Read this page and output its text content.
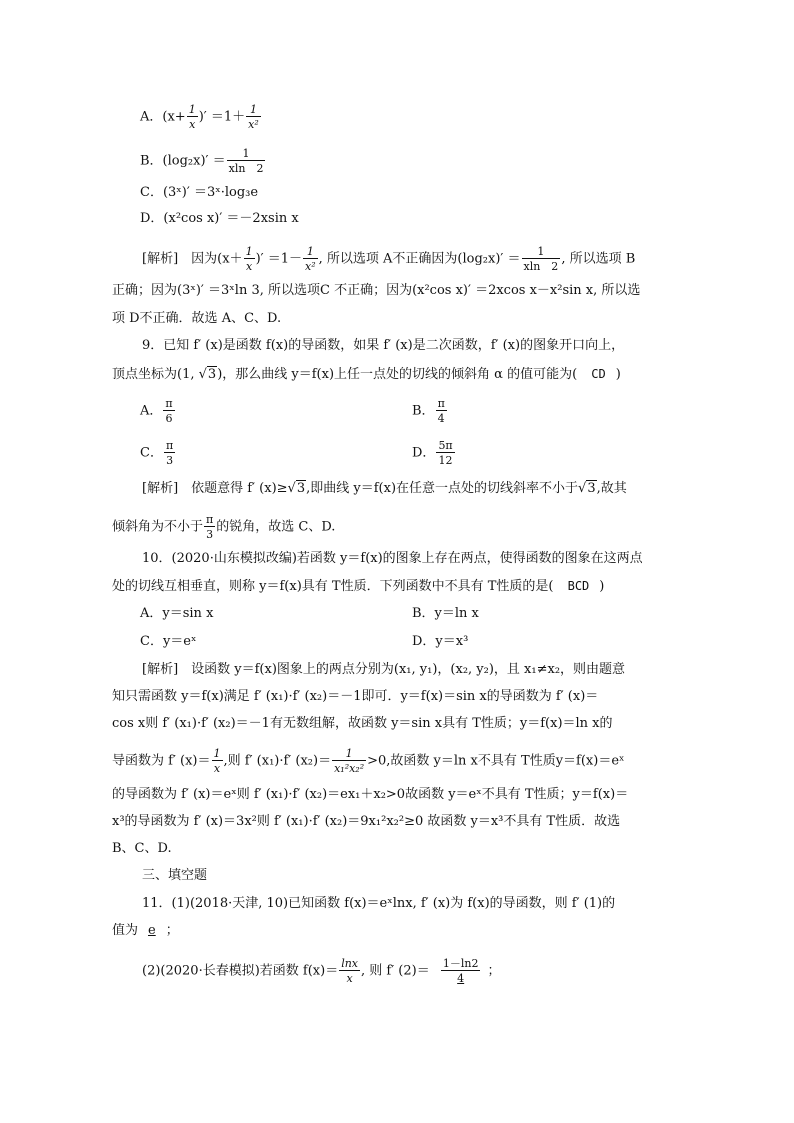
A．($x+ \frac{1}{x}$ )′ $=1+ \frac{1}{\text{x²}}$
B．$(\log_2x)' = \frac{1}{xln 2}$
C．(3ˣ)′ ＝3ˣ·log₃e
D．(x²cos x)′ ＝－2xsin x
[解析]　因为($x+ \frac{1}{x}$ )′ $=1- \frac{1}{\text{x²}}$ , 所以选项 A不正确因为$(\log_2x)' = \frac{1}{xln 2}$ , 所以选项 B
正确；因为(3ˣ)′ ＝3ˣln 3, 所以选项C 不正确；因为(x²cos x)′ ＝2xcos x－x²sin x, 所以选
项 D不正确．故选 A、C、D.
9．已知 f′ (x)是函数 f(x)的导函数，如果 f′ (x)是二次函数，f′ (x)的图象开口向上，
顶点坐标为(1, √3)，那么曲线 y＝f(x)上任一点处的切线的倾斜角 α 的值可能为( CD )
A． $\frac{\pi}{6}$	B． $\frac{\pi}{4}$
C． $\frac{\pi}{3}$	D． $\frac{5\pi}{12}$
[解析]　依题意得 f′ (x)≥√3,即曲线 y＝f(x)在任意一点处的切线斜率不小于√3,故其
倾斜角为不小于 $\frac{\pi}{3}$ 的锐角，故选 C、D.
10．(2020·山东模拟改编)若函数 y＝f(x)的图象上存在两点，使得函数的图象在这两点
处的切线互相垂直，则称 y＝f(x)具有 T性质．下列函数中不具有 T性质的是( BCD )
A．y＝sin x	B．y＝ln x
C．y＝eˣ	D．y＝x³
[解析]　设函数 y＝f(x)图象上的两点分别为(x₁, y₁)，(x₂, y₂)，且 x₁≠x₂，则由题意
知只需函数 y＝f(x)满足 f′ (x₁)·f′ (x₂)＝－1即可．y＝f(x)＝sin x的导函数为 f′ (x)＝
cos x则 f′ (x₁)·f′ (x₂)＝－1有无数组解，故函数 y＝sin x具有 T性质；y＝f(x)＝ln x的
导函数为 f′ $(x)= \frac{1}{x}$ ,则 f′ (x₁)·f′ $(x_2)= \frac{1}{\text{x₁²x₂²}} >0$,故函数 y＝ln x不具有 T性质y＝f(x)＝eˣ
的导函数为 f′ (x)＝eˣ则 f′ (x₁)·f′ (x₂)＝ex₁＋x₂>0故函数 y＝eˣ不具有 T性质；y＝f(x)＝
x³的导函数为 f′ (x)＝3x²则 f′ (x₁)·f′ (x₂)＝9x₁²x₂²≥0 故函数 y＝x³不具有 T性质．故选
B、C、D.
三、填空题
11．(1)(2018·天津, 10)已知函数 f(x)＝eˣlnx, f′ (x)为 f(x)的导函数，则 f′ (1)的
值为 e ；
(2)(2020·长春模拟)若函数 $f(x)= \frac{\ln x}{x}$ , 则 f′ $(2)= \frac{1-\ln 2}{4}$ ；
